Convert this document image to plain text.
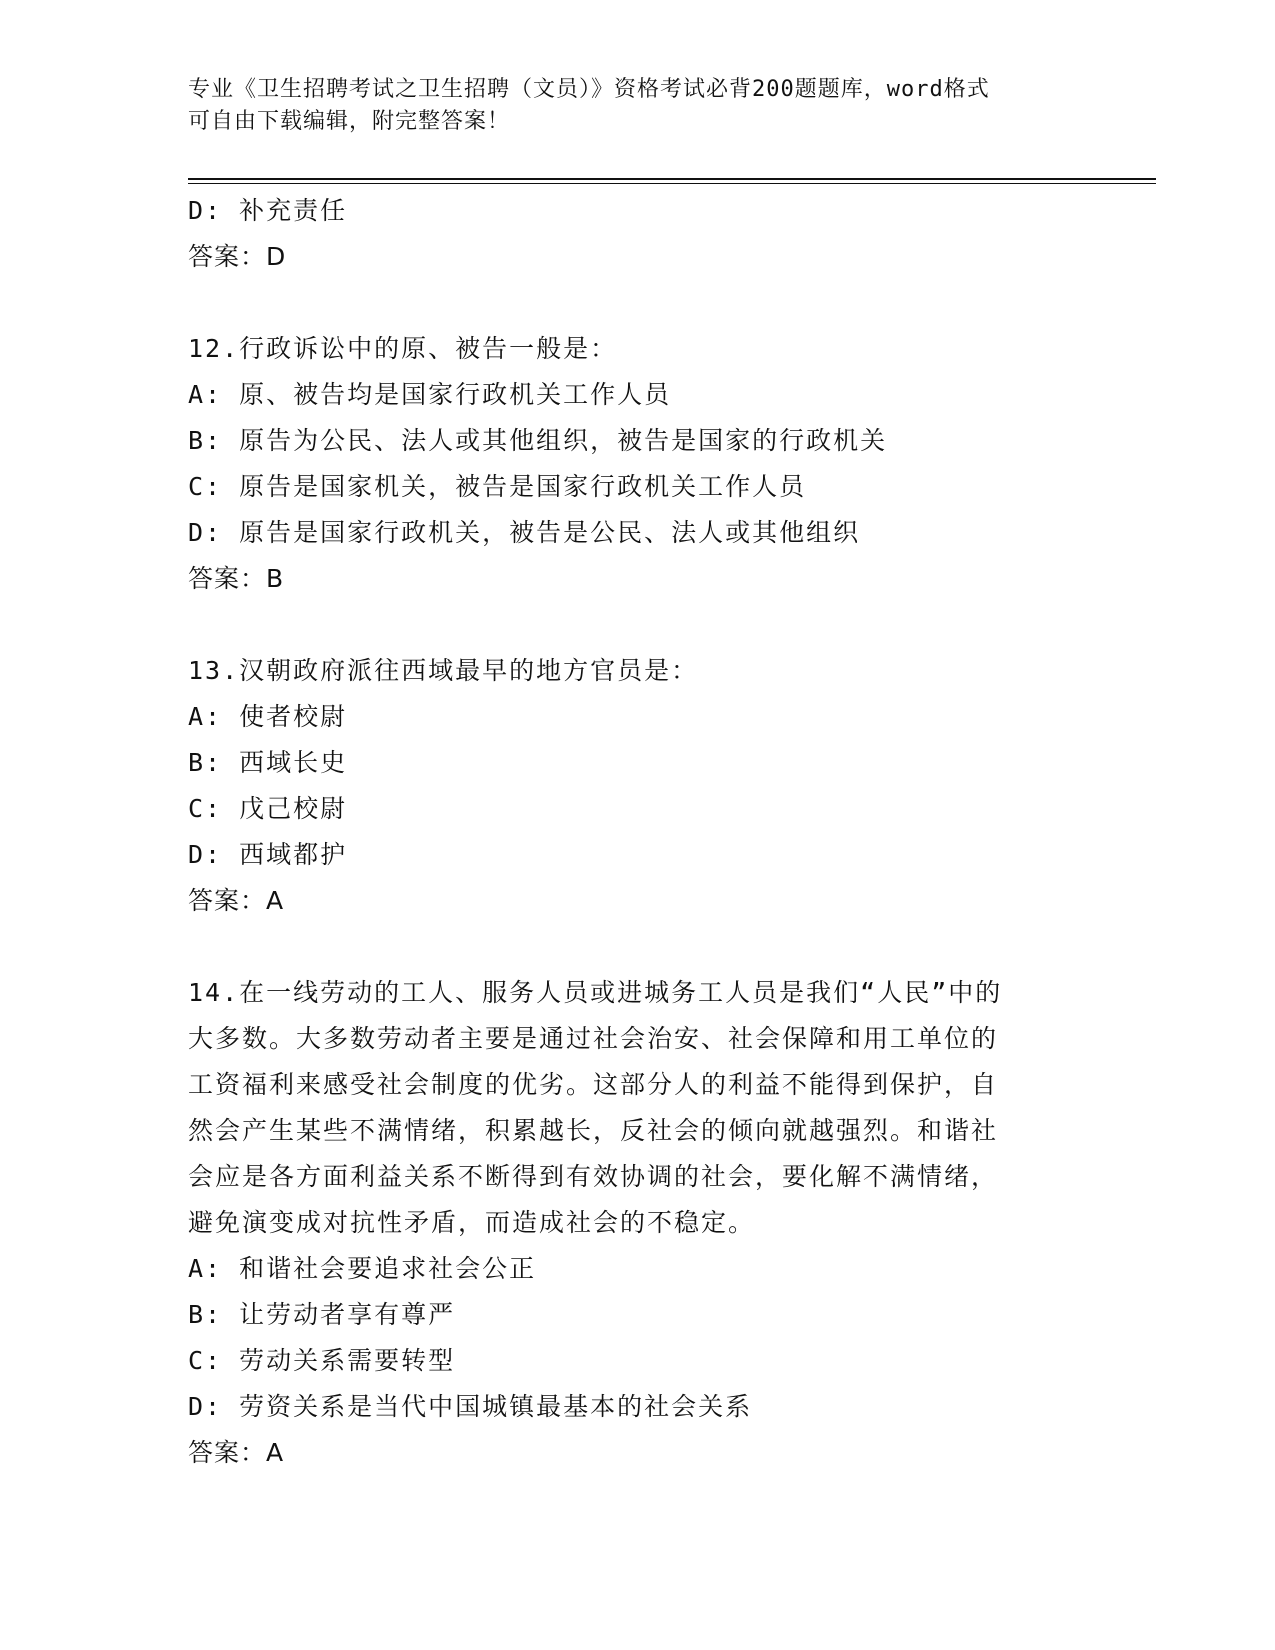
专业《卫生招聘考试之卫生招聘（文员）》资格考试必背200题题库，word格式
可自由下载编辑，附完整答案！
D: 补充责任
答案：D
12.行政诉讼中的原、被告一般是：
A: 原、被告均是国家行政机关工作人员
B: 原告为公民、法人或其他组织，被告是国家的行政机关
C: 原告是国家机关，被告是国家行政机关工作人员
D: 原告是国家行政机关，被告是公民、法人或其他组织
答案：B
13.汉朝政府派往西域最早的地方官员是：
A: 使者校尉
B: 西域长史
C: 戊己校尉
D: 西域都护
答案：A
14.在一线劳动的工人、服务人员或进城务工人员是我们“人民”中的
大多数。大多数劳动者主要是通过社会治安、社会保障和用工单位的
工资福利来感受社会制度的优劣。这部分人的利益不能得到保护，自
然会产生某些不满情绪，积累越长，反社会的倾向就越强烈。和谐社
会应是各方面利益关系不断得到有效协调的社会，要化解不满情绪，
避免演变成对抗性矛盾，而造成社会的不稳定。
A: 和谐社会要追求社会公正
B: 让劳动者享有尊严
C: 劳动关系需要转型
D: 劳资关系是当代中国城镇最基本的社会关系
答案：A
